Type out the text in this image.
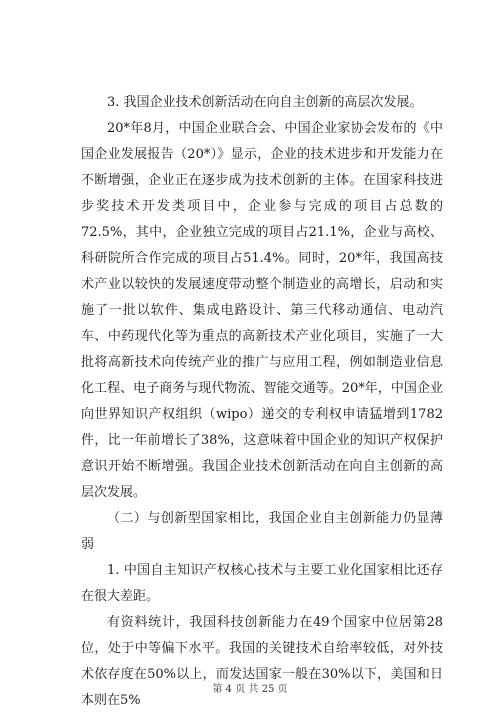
3. 我国企业技术创新活动在向自主创新的高层次发展。

20*年8月，中国企业联合会、中国企业家协会发布的《中国企业发展报告（20*）》显示，企业的技术进步和开发能力在不断增强，企业正在逐步成为技术创新的主体。在国家科技进步奖技术开发类项目中，企业参与完成的项目占总数的72.5%，其中，企业独立完成的项目占21.1%，企业与高校、科研院所合作完成的项目占51.4%。同时，20*年，我国高技术产业以较快的发展速度带动整个制造业的高增长，启动和实施了一批以软件、集成电路设计、第三代移动通信、电动汽车、中药现代化等为重点的高新技术产业化项目，实施了一大批将高新技术向传统产业的推广与应用工程，例如制造业信息化工程、电子商务与现代物流、智能交通等。20*年，中国企业向世界知识产权组织（wipo）递交的专利权申请猛增到1782件，比一年前增长了38%，这意味着中国企业的知识产权保护意识开始不断增强。我国企业技术创新活动在向自主创新的高层次发展。

（二）与创新型国家相比，我国企业自主创新能力仍显薄弱

1. 中国自主知识产权核心技术与主要工业化国家相比还存在很大差距。

有资料统计，我国科技创新能力在49个国家中位居第28位，处于中等偏下水平。我国的关键技术自给率较低，对外技术依存度在50%以上，而发达国家一般在30%以下，美国和日本则在5%

第 4 页 共 25 页
